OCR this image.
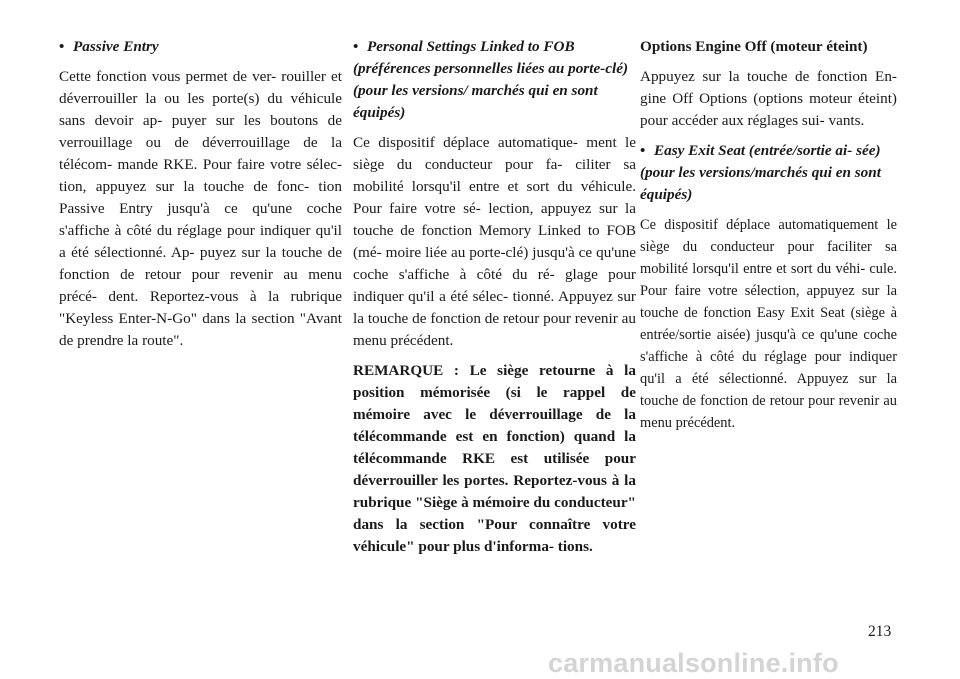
• Passive Entry

Cette fonction vous permet de ver- rouiller et déverrouiller la ou les porte(s) du véhicule sans devoir ap- puyer sur les boutons de verrouillage ou de déverrouillage de la télécom- mande RKE. Pour faire votre sélec- tion, appuyez sur la touche de fonc- tion Passive Entry jusqu'à ce qu'une coche s'affiche à côté du réglage pour indiquer qu'il a été sélectionné. Ap- puyez sur la touche de fonction de retour pour revenir au menu précé- dent. Reportez-vous à la rubrique "Keyless Enter-N-Go" dans la section "Avant de prendre la route".

• Personal Settings Linked to FOB (préférences personnelles liées au porte-clé) (pour les versions/ marchés qui en sont équipés)

Ce dispositif déplace automatique- ment le siège du conducteur pour fa- ciliter sa mobilité lorsqu'il entre et sort du véhicule. Pour faire votre sé- lection, appuyez sur la touche de fonction Memory Linked to FOB (mé- moire liée au porte-clé) jusqu'à ce qu'une coche s'affiche à côté du ré- glage pour indiquer qu'il a été sélec- tionné. Appuyez sur la touche de fonction de retour pour revenir au menu précédent.

REMARQUE : Le siège retourne à la position mémorisée (si le rappel de mémoire avec le déverrouillage de la télécommande est en fonction) quand la télécommande RKE est utilisée pour déverrouiller les portes. Reportez-vous à la rubrique "Siège à mémoire du conducteur" dans la section "Pour connaître votre véhicule" pour plus d'informa- tions.

Options Engine Off (moteur éteint)

Appuyez sur la touche de fonction En- gine Off Options (options moteur éteint) pour accéder aux réglages sui- vants.

• Easy Exit Seat (entrée/sortie ai- sée) (pour les versions/marchés qui en sont équipés)

Ce dispositif déplace automatiquement le siège du conducteur pour faciliter sa mobilité lorsqu'il entre et sort du véhi- cule. Pour faire votre sélection, appuyez sur la touche de fonction Easy Exit Seat (siège à entrée/sortie aisée) jusqu'à ce qu'une coche s'affiche à côté du réglage pour indiquer qu'il a été sélectionné. Appuyez sur la touche de fonction de retour pour revenir au menu précédent.

213
carmanualsonline.info
